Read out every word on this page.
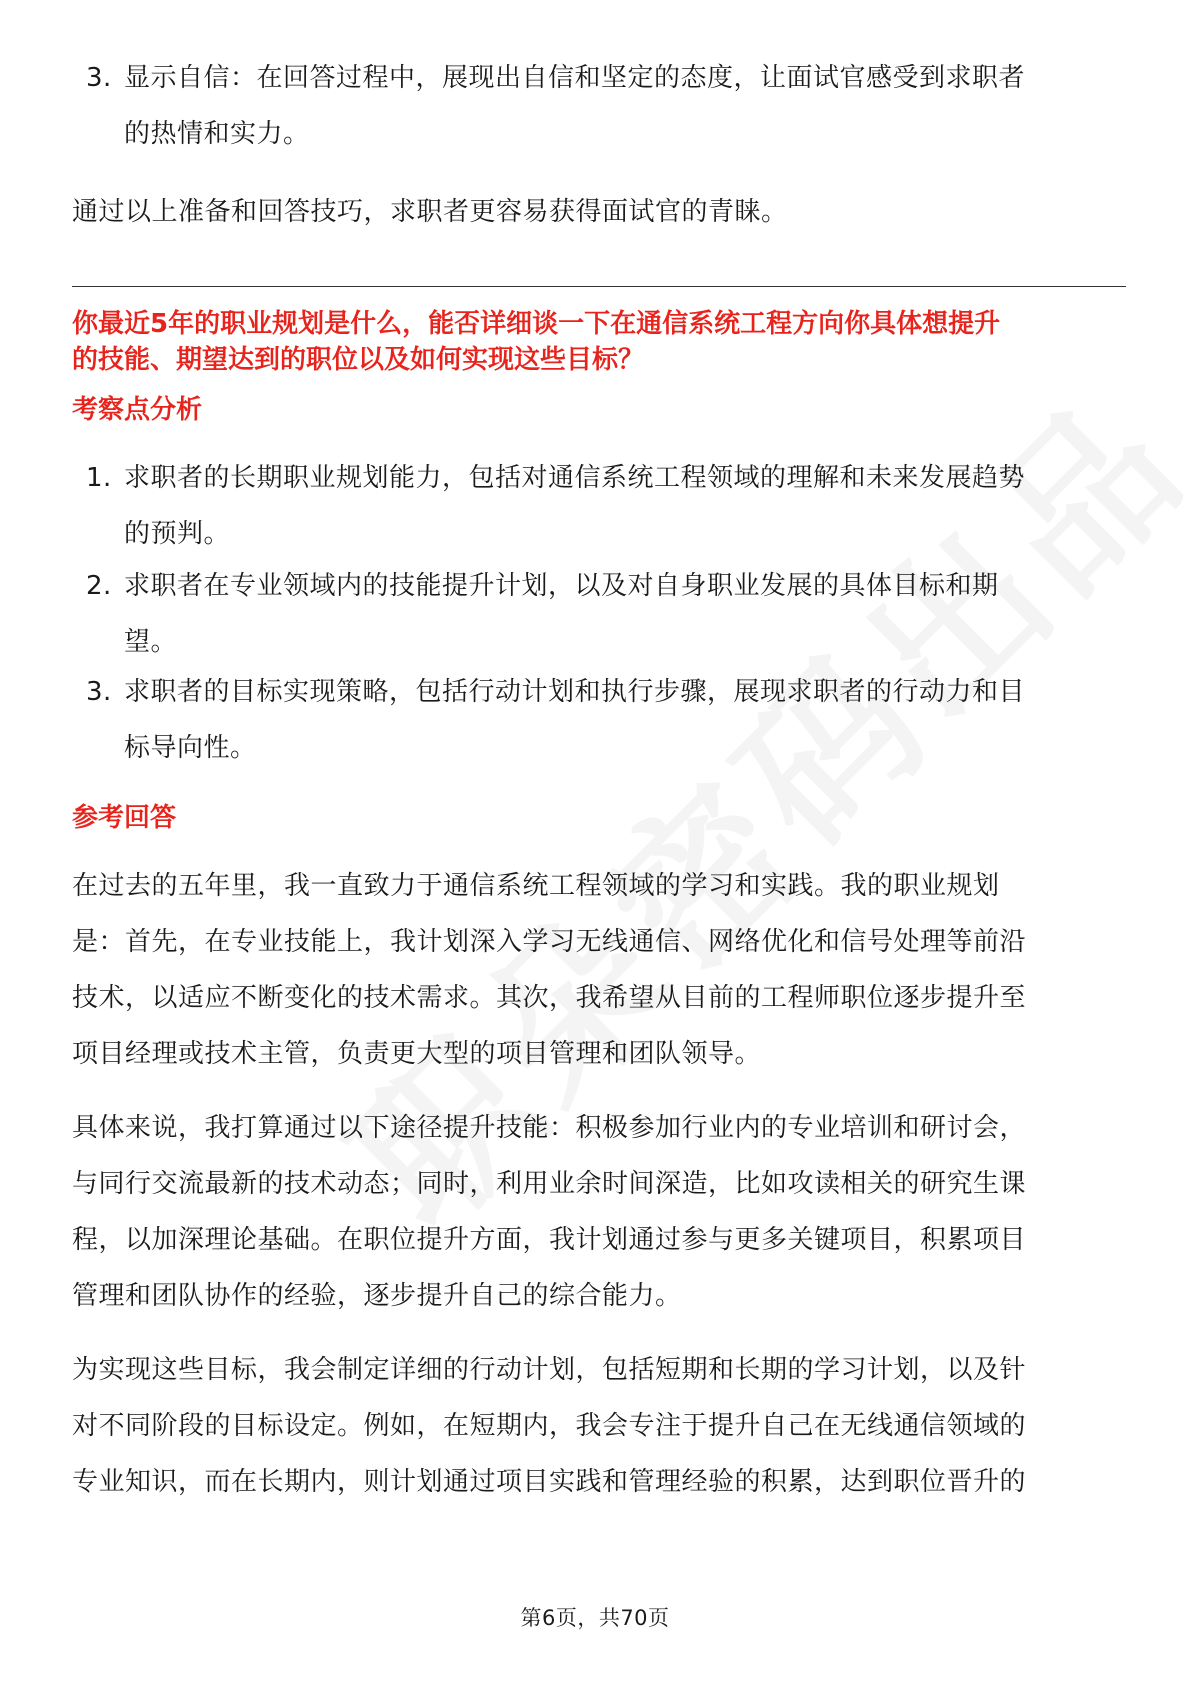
3. 显示自信：在回答过程中，展现出自信和坚定的态度，让面试官感受到求职者
的热情和实力。
通过以上准备和回答技巧，求职者更容易获得面试官的青睐。
你最近5年的职业规划是什么，能否详细谈一下在通信系统工程方向你具体想提升
的技能、期望达到的职位以及如何实现这些目标？
考察点分析
1. 求职者的长期职业规划能力，包括对通信系统工程领域的理解和未来发展趋势
的预判。
2. 求职者在专业领域内的技能提升计划，以及对自身职业发展的具体目标和期
望。
3. 求职者的目标实现策略，包括行动计划和执行步骤，展现求职者的行动力和目
标导向性。
参考回答
在过去的五年里，我一直致力于通信系统工程领域的学习和实践。我的职业规划
是：首先，在专业技能上，我计划深入学习无线通信、网络优化和信号处理等前沿
技术，以适应不断变化的技术需求。其次，我希望从目前的工程师职位逐步提升至
项目经理或技术主管，负责更大型的项目管理和团队领导。
具体来说，我打算通过以下途径提升技能：积极参加行业内的专业培训和研讨会，
与同行交流最新的技术动态；同时，利用业余时间深造，比如攻读相关的研究生课
程，以加深理论基础。在职位提升方面，我计划通过参与更多关键项目，积累项目
管理和团队协作的经验，逐步提升自己的综合能力。
为实现这些目标，我会制定详细的行动计划，包括短期和长期的学习计划，以及针
对不同阶段的目标设定。例如，在短期内，我会专注于提升自己在无线通信领域的
专业知识，而在长期内，则计划通过项目实践和管理经验的积累，达到职位晋升的
第6页，共70页
